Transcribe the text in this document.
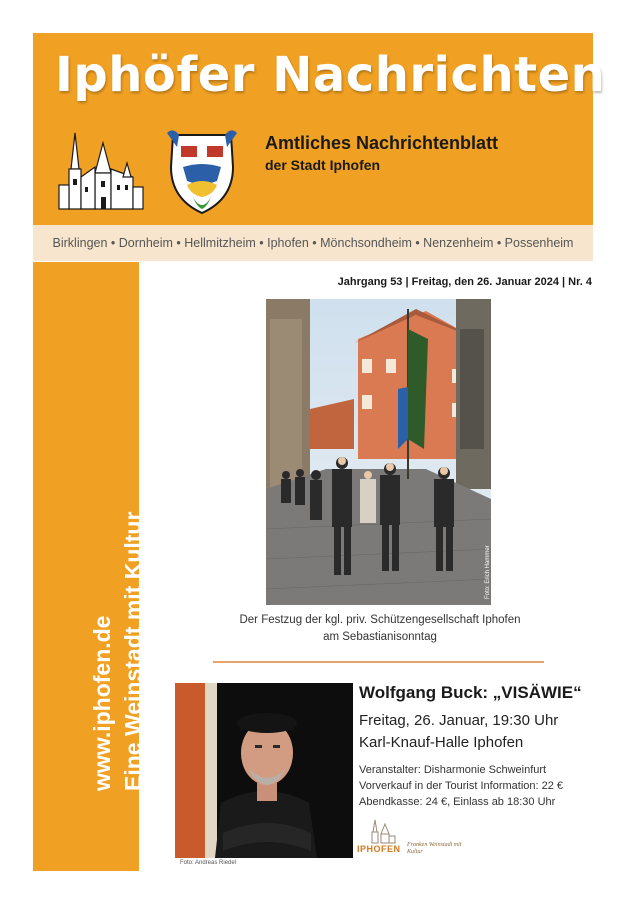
Iphöfer Nachrichten
Amtliches Nachrichtenblatt
der Stadt Iphofen
Birklingen • Dornheim • Hellmitzheim • Iphofen • Mönchsondheim • Nenzenheim • Possenheim
www.iphofen.de Eine Weinstadt mit Kultur
Jahrgang 53 | Freitag, den 26. Januar 2024 | Nr. 4
Foto: Erich Hammer
Der Festzug der kgl. priv. Schützengesellschaft Iphofen
am Sebastianisonntag
Foto: Andreas Riedel
Wolfgang Buck: „VISÄWIE“
Freitag, 26. Januar, 19:30 Uhr
Karl-Knauf-Halle Iphofen
Veranstalter: Disharmonie Schweinfurt
Vorverkauf in der Tourist Information: 22 €
Abendkasse: 24 €, Einlass ab 18:30 Uhr
IPHOFEN Franken Weinstadt mit Kultur
